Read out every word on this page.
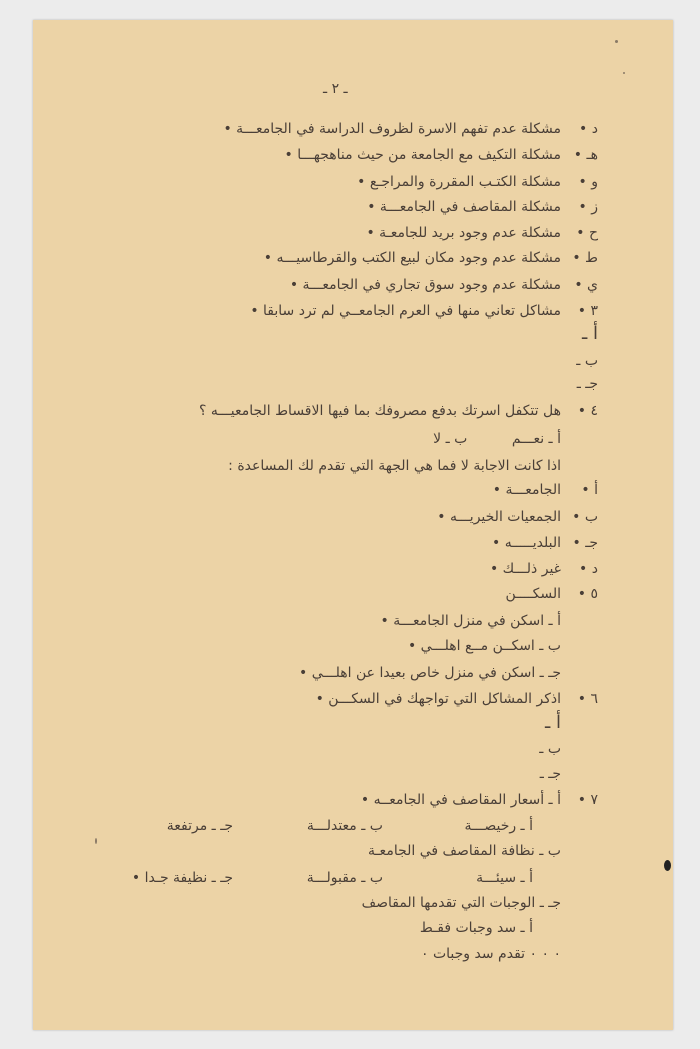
ـ ٢ ـ
د •
مشكلة عدم تفهم الاسرة لظروف الدراسة في الجامعـــة •
هـ •
مشكلة التكيف مع الجامعة من حيث مناهجهـــا •
و •
مشكلة الكتـب المقررة والمراجـع •
ز •
مشكلة المقاصف في الجامعـــة •
ح •
مشكلة عدم وجود بريد للجامعـة •
ط •
مشكلة عدم وجود مكان لبيع الكتب والقرطاسيـــه •
ي •
مشكلة عدم وجود سوق تجاري في الجامعـــة •
٣ •
مشاكل تعاني منها في العرم الجامعــي لم ترد سابقا •
أ ـ
ب ـ
جـ ـ
٤ •
هل تتكفل اسرتك بدفع مصروفك بما فيها الاقساط الجامعيـــه ؟
أ ـ نعـــم          ب ـ لا
اذا كانت الاجابة لا فما هي الجهة التي تقدم لك المساعدة :
أ •
الجامعـــة •
ب •
الجمعيات الخيريـــه •
جـ •
البلديـــــه •
د •
غير ذلـــك •
٥ •
السكــــن
أ ـ اسكن في منزل الجامعـــة •
ب ـ اسكــن مــع اهلـــي •
جـ ـ اسكن في منزل خاص بعيدا عن اهلـــي •
٦ •
اذكر المشاكل التي تواجهك في السكـــن •
أ ـ
ب ـ
جـ ـ
٧ •
أ ـ أسعار المقاصف في الجامعــه •
أ ـ رخيصـــة
ب ـ معتدلـــة
جـ ـ مرتفعة
ب ـ نظافة المقاصف في الجامعـة
أ ـ سيئـــة
ب ـ مقبولـــة
جـ ـ نظيفة جـدا •
جـ ـ الوجبات التي تقدمها المقاصف
أ ـ سد وجبات فقـط
٠ ٠ ٠ تقدم سد وجبات ٠
